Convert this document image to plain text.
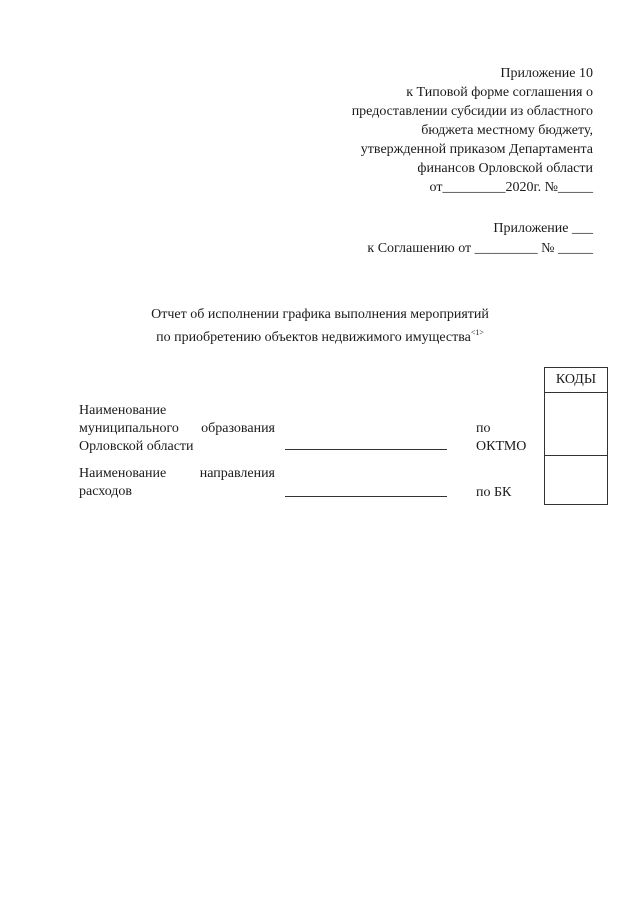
Приложение 10
к Типовой форме соглашения о
предоставлении субсидии из областного
бюджета местному бюджету,
утвержденной приказом Департамента
финансов Орловской области
от_________2020г. №_____
Приложение ___
к Соглашению от _________ № _____
Отчет об исполнении графика выполнения мероприятий
по приобретению объектов недвижимого имущества$^{<1>}$
Наименование
муниципального образования
Орловской области
по
ОКТМО
Наименование направления
расходов	по БК
КОДЫ
